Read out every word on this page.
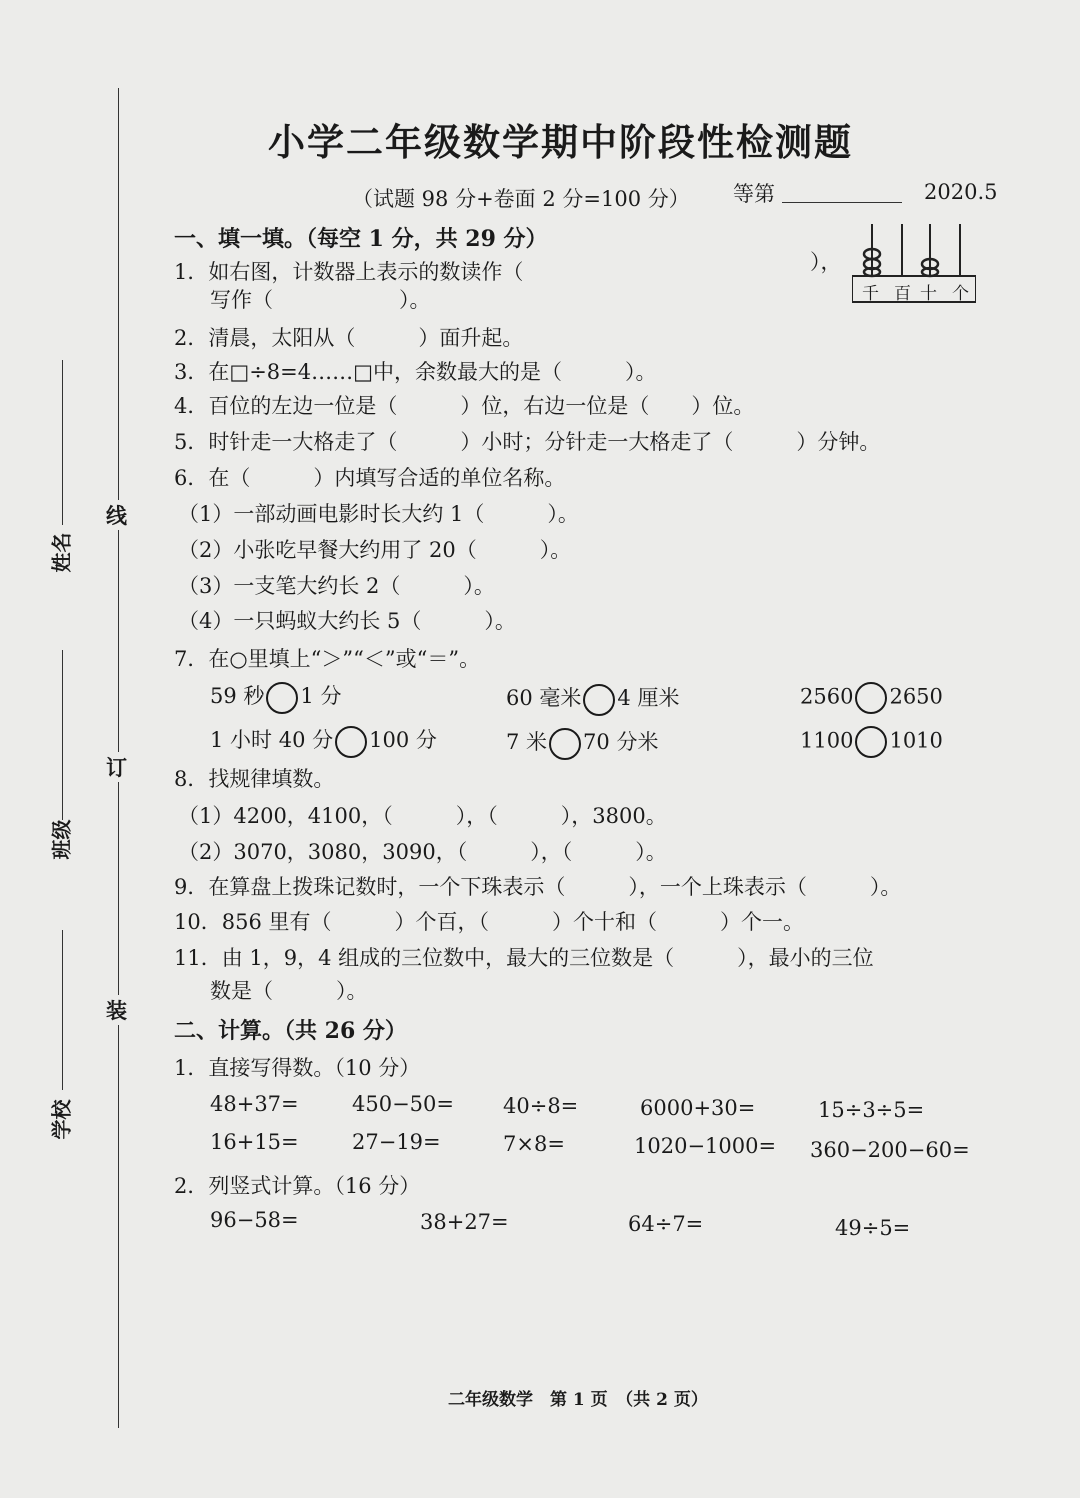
姓名
班级
学校
线
订
装
小学二年级数学期中阶段性检测题
（试题 98 分+卷面 2 分=100 分） 等第	2020.5
千 百 十 个
一、填一填。（每空 1 分，共 29 分）
1．如右图，计数器上表示的数读作（	），
写作（　　　　　　）。
2．清晨，太阳从（　　　）面升起。
3．在□÷8=4……□中，余数最大的是（　　　）。
4．百位的左边一位是（　　　）位，右边一位是（　　）位。
5．时针走一大格走了（　　　）小时；分针走一大格走了（　　　）分钟。
6．在（　　　）内填写合适的单位名称。
（1）一部动画电影时长大约 1（　　　）。
（2）小张吃早餐大约用了 20（　　　）。
（3）一支笔大约长 2（　　　）。
（4）一只蚂蚁大约长 5（　　　）。
7．在○里填上“＞”“＜”或“＝”。
59 秒 1 分	60 毫米 4 厘米	2560 2650
1 小时 40 分 100 分	7 米 70 分米	1100 1010
8．找规律填数。
（1）4200，4100，（　　　），（　　　），3800。
（2）3070，3080，3090，（　　　），（　　　）。
9．在算盘上拨珠记数时，一个下珠表示（　　　），一个上珠表示（　　　）。
10．856 里有（　　　）个百，（　　　）个十和（　　　）个一。
11．由 1，9，4 组成的三位数中，最大的三位数是（　　　），最小的三位
数是（　　　）。
二、计算。（共 26 分）
1．直接写得数。（10 分）
48+37=	450−50= 40÷8=	6000+30=	15÷3÷5=
16+15=	27−19=	7×8=	1020−1000= 360−200−60=
2．列竖式计算。（16 分）
96−58=	38+27=	64÷7=	49÷5=
二年级数学　第 1 页　（共 2 页）
